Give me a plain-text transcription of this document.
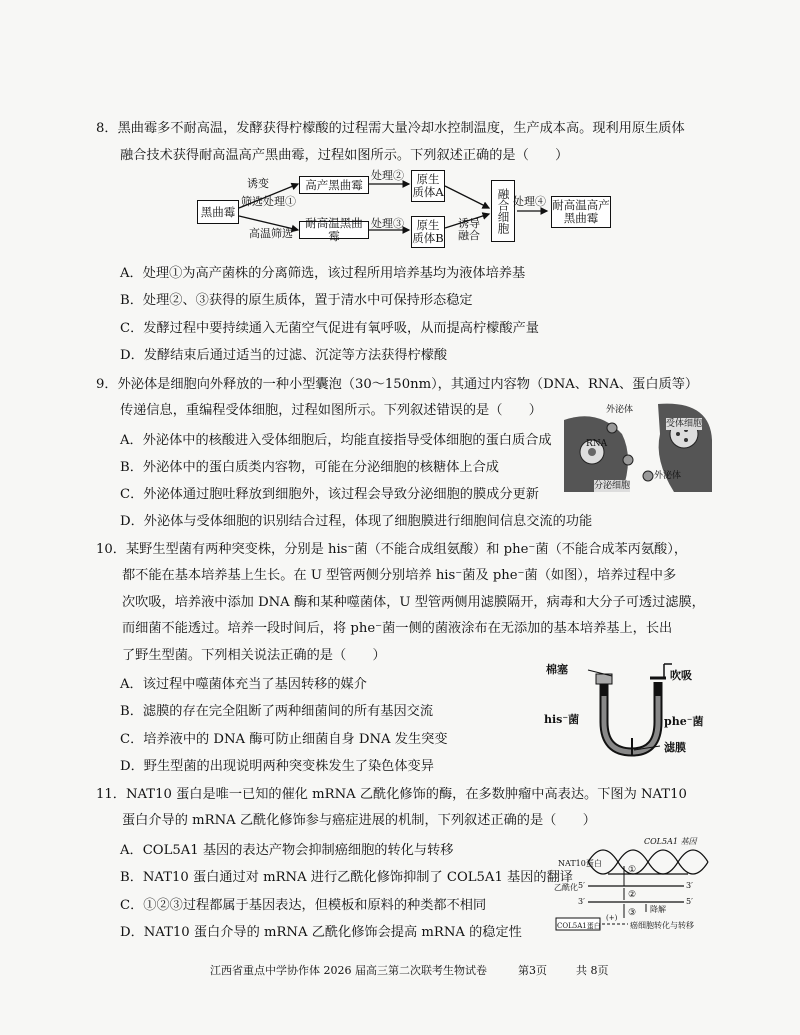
8．黑曲霉多不耐高温，发酵获得柠檬酸的过程需大量冷却水控制温度，生产成本高。现利用原生质体
融合技术获得耐高温高产黑曲霉，过程如图所示。下列叙述正确的是（　　）
黑曲霉
诱变
筛选处理①
高产黑曲霉
高温筛选
耐高温黑曲霉
处理②
处理③
原生质体A
原生质体B
诱导融合
融合细胞 处理④ 耐高温高产黑曲霉
A．处理①为高产菌株的分离筛选，该过程所用培养基均为液体培养基
B．处理②、③获得的原生质体，置于清水中可保持形态稳定
C．发酵过程中要持续通入无菌空气促进有氧呼吸，从而提高柠檬酸产量
D．发酵结束后通过适当的过滤、沉淀等方法获得柠檬酸
9．外泌体是细胞向外释放的一种小型囊泡（30～150nm），其通过内容物（DNA、RNA、蛋白质等）
传递信息，重编程受体细胞，过程如图所示。下列叙述错误的是（　　）	外泌体
受体细胞
RNA
分泌细胞
外泌体
A．外泌体中的核酸进入受体细胞后，均能直接指导受体细胞的蛋白质合成
B．外泌体中的蛋白质类内容物，可能在分泌细胞的核糖体上合成
C．外泌体通过胞吐释放到细胞外，该过程会导致分泌细胞的膜成分更新
D．外泌体与受体细胞的识别结合过程，体现了细胞膜进行细胞间信息交流的功能
10．某野生型菌有两种突变株，分别是 his⁻菌（不能合成组氨酸）和 phe⁻菌（不能合成苯丙氨酸），
都不能在基本培养基上生长。在 U 型管两侧分别培养 his⁻菌及 phe⁻菌（如图），培养过程中多
次吹吸，培养液中添加 DNA 酶和某种噬菌体，U 型管两侧用滤膜隔开，病毒和大分子可透过滤膜，
而细菌不能透过。培养一段时间后，将 phe⁻菌一侧的菌液涂布在无添加的基本培养基上，长出
了野生型菌。下列相关说法正确的是（　　）
棉塞	吹吸
his⁻菌	phe⁻菌
滤膜
A．该过程中噬菌体充当了基因转移的媒介
B．滤膜的存在完全阻断了两种细菌间的所有基因交流
C．培养液中的 DNA 酶可防止细菌自身 DNA 发生突变
D．野生型菌的出现说明两种突变株发生了染色体变异
11．NAT10 蛋白是唯一已知的催化 mRNA 乙酰化修饰的酶，在多数肿瘤中高表达。下图为 NAT10
蛋白介导的 mRNA 乙酰化修饰参与癌症进展的机制，下列叙述正确的是（　　）
COL5A1 基因
NAT10蛋白
①
乙酰化 5′	3′
②
3′	5′
降解
③
COL5A1蛋白
(+)
癌细胞转化与转移
A．COL5A1 基因的表达产物会抑制癌细胞的转化与转移
B．NAT10 蛋白通过对 mRNA 进行乙酰化修饰抑制了 COL5A1 基因的翻译
C．①②③过程都属于基因表达，但模板和原料的种类都不相同
D．NAT10 蛋白介导的 mRNA 乙酰化修饰会提高 mRNA 的稳定性
江西省重点中学协作体 2026 届高三第二次联考生物试卷	第3页	共 8页
